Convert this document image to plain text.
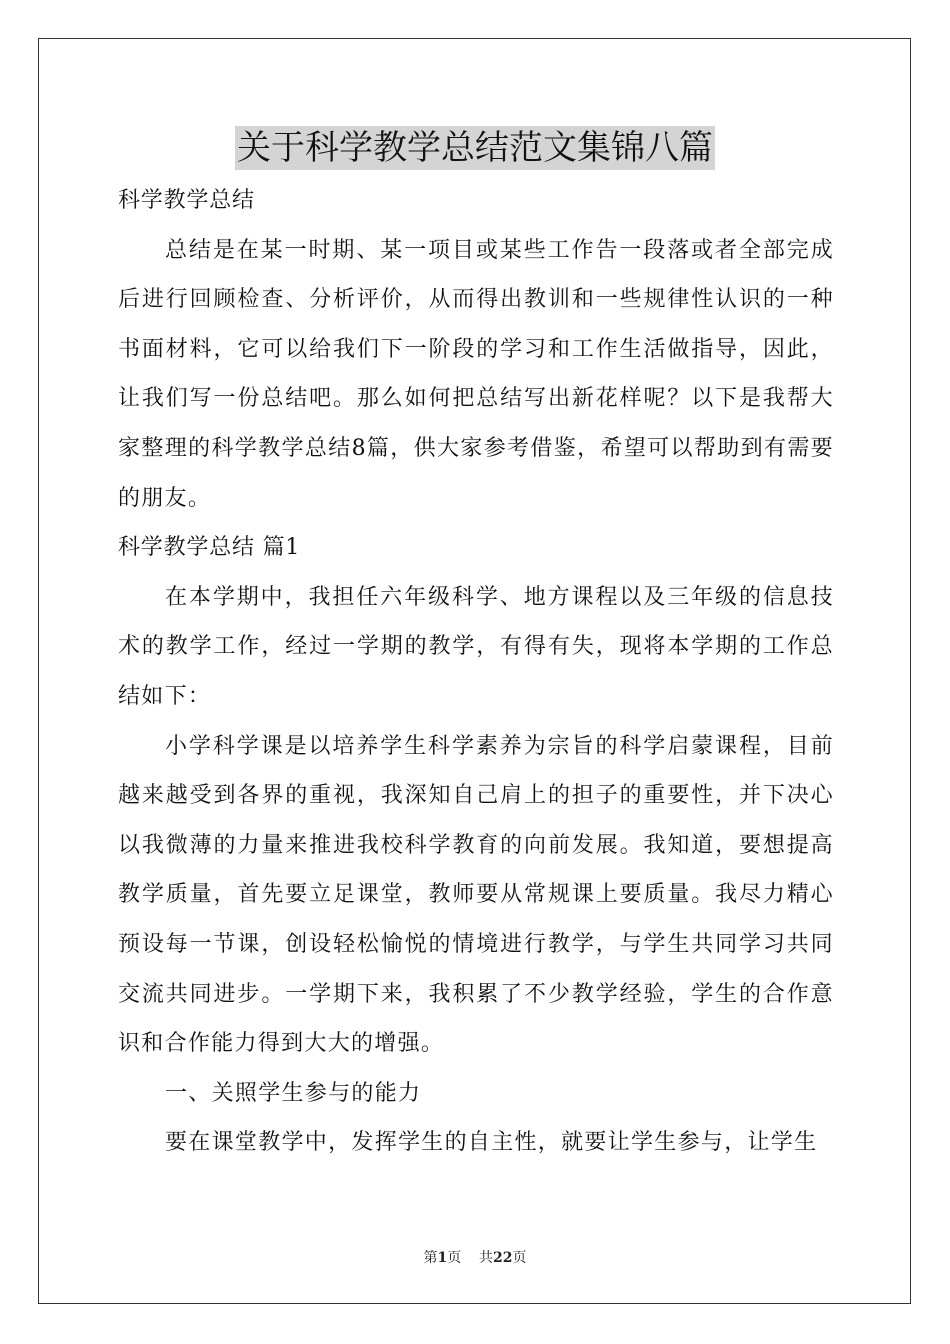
关于科学教学总结范文集锦八篇

科学教学总结

总结是在某一时期、某一项目或某些工作告一段落或者全部完成后进行回顾检查、分析评价，从而得出教训和一些规律性认识的一种书面材料，它可以给我们下一阶段的学习和工作生活做指导，因此，让我们写一份总结吧。那么如何把总结写出新花样呢？以下是我帮大家整理的科学教学总结8篇，供大家参考借鉴，希望可以帮助到有需要的朋友。

科学教学总结 篇1

在本学期中，我担任六年级科学、地方课程以及三年级的信息技术的教学工作，经过一学期的教学，有得有失，现将本学期的工作总结如下：

小学科学课是以培养学生科学素养为宗旨的科学启蒙课程，目前越来越受到各界的重视，我深知自己肩上的担子的重要性，并下决心以我微薄的力量来推进我校科学教育的向前发展。我知道，要想提高教学质量，首先要立足课堂，教师要从常规课上要质量。我尽力精心预设每一节课，创设轻松愉悦的情境进行教学，与学生共同学习共同交流共同进步。一学期下来，我积累了不少教学经验，学生的合作意识和合作能力得到大大的增强。

一、关照学生参与的能力

要在课堂教学中，发挥学生的自主性，就要让学生参与，让学生

第1页    共22页
